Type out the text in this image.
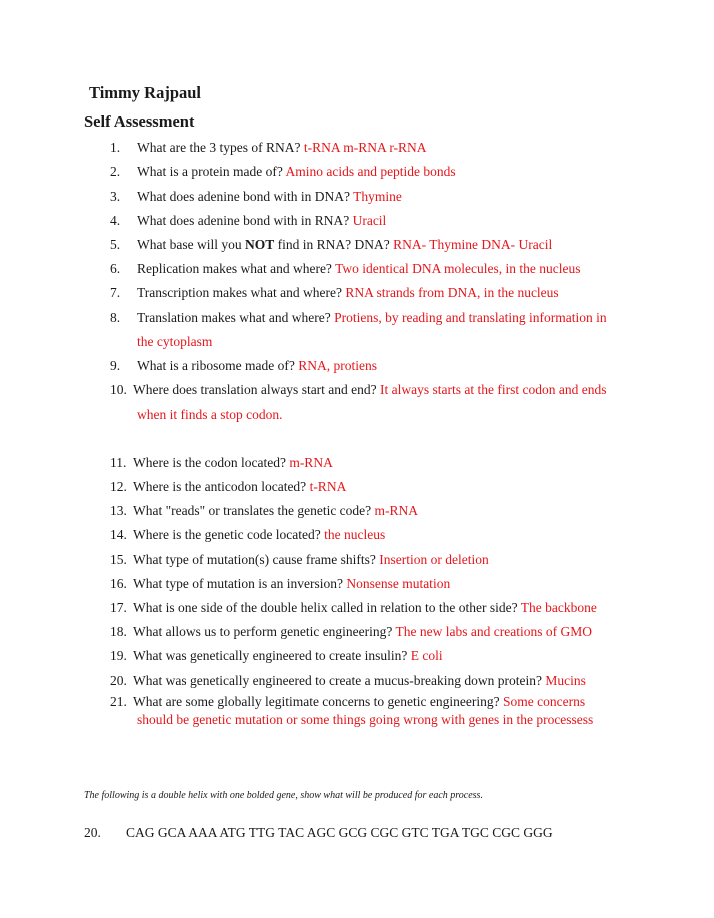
Timmy Rajpaul
Self Assessment
1. What are the 3 types of RNA? t-RNA m-RNA r-RNA
2. What is a protein made of? Amino acids and peptide bonds
3. What does adenine bond with in DNA? Thymine
4. What does adenine bond with in RNA? Uracil
5. What base will you NOT find in RNA? DNA? RNA- Thymine DNA- Uracil
6. Replication makes what and where? Two identical DNA molecules, in the nucleus
7. Transcription makes what and where? RNA strands from DNA, in the nucleus
8. Translation makes what and where? Protiens, by reading and translating information in
the cytoplasm
9. What is a ribosome made of? RNA, protiens
10. Where does translation always start and end? It always starts at the first codon and ends
when it finds a stop codon.
11. Where is the codon located? m-RNA
12. Where is the anticodon located? t-RNA
13. What "reads" or translates the genetic code? m-RNA
14. Where is the genetic code located? the nucleus
15. What type of mutation(s) cause frame shifts? Insertion or deletion
16. What type of mutation is an inversion? Nonsense mutation
17. What is one side of the double helix called in relation to the other side? The backbone
18. What allows us to perform genetic engineering? The new labs and creations of GMO
19. What was genetically engineered to create insulin? E coli
20. What was genetically engineered to create a mucus-breaking down protein? Mucins
21. What are some globally legitimate concerns to genetic engineering? Some concerns
should be genetic mutation or some things going wrong with genes in the processess
The following is a double helix with one bolded gene, show what will be produced for each process.
20. CAG GCA AAA ATG TTG TAC AGC GCG CGC GTC TGA TGC CGC GGG
